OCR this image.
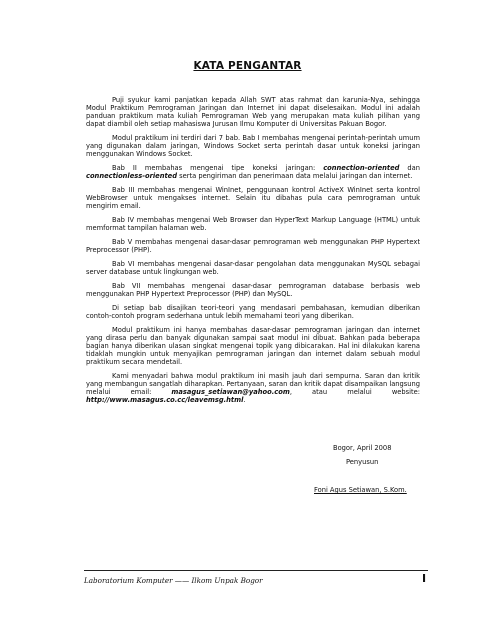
KATA PENGANTAR

Puji syukur kami panjatkan kepada Allah SWT atas rahmat dan karunia-Nya, sehingga Modul Praktikum Pemrograman Jaringan dan Internet ini dapat diselesaikan. Modul ini adalah panduan praktikum mata kuliah Pemrograman Web yang merupakan mata kuliah pilihan yang dapat diambil oleh setiap mahasiswa Jurusan Ilmu Komputer di Universitas Pakuan Bogor.

Modul praktikum ini terdiri dari 7 bab. Bab I membahas mengenai perintah-perintah umum yang digunakan dalam jaringan, Windows Socket serta perintah dasar untuk koneksi jaringan menggunakan Windows Socket.

Bab II membahas mengenai tipe koneksi jaringan: connection-oriented dan connectionless-oriented serta pengiriman dan penerimaan data melalui jaringan dan internet.

Bab III membahas mengenai WinInet, penggunaan kontrol ActiveX WinInet serta kontrol WebBrowser untuk mengakses internet. Selain itu dibahas pula cara pemrograman untuk mengirim email.

Bab IV membahas mengenai Web Browser dan HyperText Markup Language (HTML) untuk memformat tampilan halaman web.

Bab V membahas mengenai dasar-dasar pemrograman web menggunakan PHP Hypertext Preprocessor (PHP).

Bab VI membahas mengenai dasar-dasar pengolahan data menggunakan MySQL sebagai server database untuk lingkungan web.

Bab VII membahas mengenai dasar-dasar pemrograman database berbasis web menggunakan PHP Hypertext Preprocessor (PHP) dan MySQL.

Di setiap bab disajikan teori-teori yang mendasari pembahasan, kemudian diberikan contoh-contoh program sederhana untuk lebih memahami teori yang diberikan.

Modul praktikum ini hanya membahas dasar-dasar pemrograman jaringan dan internet yang dirasa perlu dan banyak digunakan sampai saat modul ini dibuat. Bahkan pada beberapa bagian hanya diberikan ulasan singkat mengenai topik yang dibicarakan. Hal ini dilakukan karena tidaklah mungkin untuk menyajikan pemrograman jaringan dan internet dalam sebuah modul praktikum secara mendetail.

Kami menyadari bahwa modul praktikum ini masih jauh dari sempurna. Saran dan kritik yang membangun sangatlah diharapkan. Pertanyaan, saran dan kritik dapat disampaikan langsung melalui email: masagus_setiawan@yahoo.com, atau melalui website: http://www.masagus.co.cc/leavemsg.html.

Bogor, April 2008
Penyusun
Foni Agus Setiawan, S.Kom.
Laboratorium Komputer —— Ilkom Unpak Bogor	I
